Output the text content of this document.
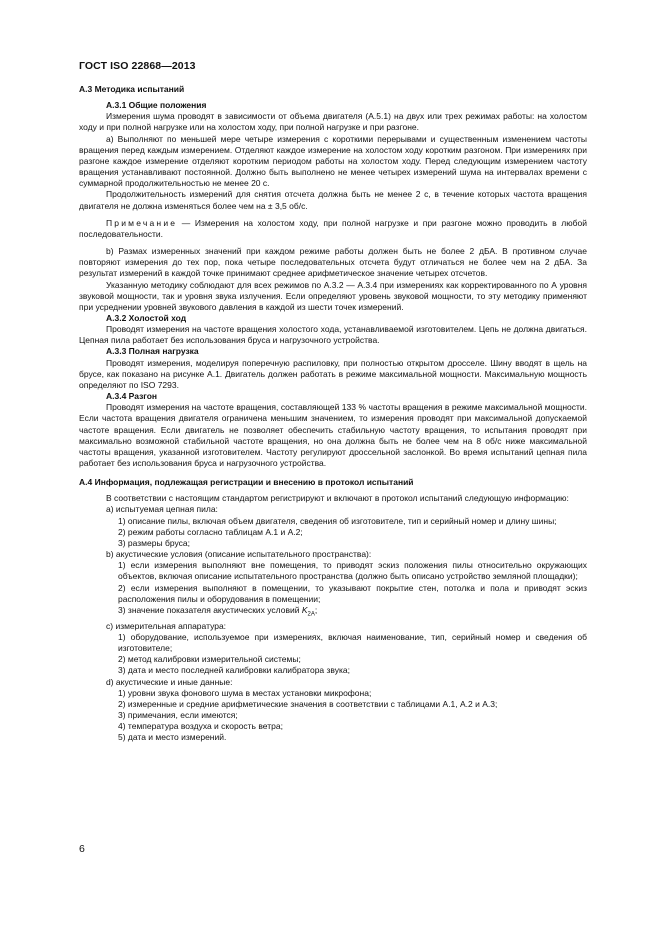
ГОСТ ISO 22868—2013
А.3 Методика испытаний
А.3.1 Общие положения

Измерения шума проводят в зависимости от объема двигателя (А.5.1) на двух или трех режимах работы: на холостом ходу и при полной нагрузке или на холостом ходу, при полной нагрузке и при разгоне.

а) Выполняют по меньшей мере четыре измерения с короткими перерывами и существенным изменением частоты вращения перед каждым измерением. Отделяют каждое измерение на холостом ходу коротким разгоном. При измерениях при разгоне каждое измерение отделяют коротким периодом работы на холостом ходу. Перед следующим измерением частоту вращения устанавливают постоянной. Должно быть выполнено не менее четырех измерений шума на интервалах времени с суммарной продолжительностью не менее 20 с.

Продолжительность измерений для снятия отсчета должна быть не менее 2 с, в течение которых частота вращения двигателя не должна изменяться более чем на ± 3,5 об/с.

Примечание — Измерения на холостом ходу, при полной нагрузке и при разгоне можно проводить в любой последовательности.

b) Размах измеренных значений при каждом режиме работы должен быть не более 2 дБА. В противном случае повторяют измерения до тех пор, пока четыре последовательных отсчета будут отличаться не более чем на 2 дБА. За результат измерений в каждой точке принимают среднее арифметическое значение четырех отсчетов.

Указанную методику соблюдают для всех режимов по А.3.2 — А.3.4 при измерениях как корректированного по А уровня звуковой мощности, так и уровня звука излучения. Если определяют уровень звуковой мощности, то эту методику применяют при усреднении уровней звукового давления в каждой из шести точек измерений.

А.3.2 Холостой ход

Проводят измерения на частоте вращения холостого хода, устанавливаемой изготовителем. Цепь не должна двигаться. Цепная пила работает без использования бруса и нагрузочного устройства.

А.3.3 Полная нагрузка

Проводят измерения, моделируя поперечную распиловку, при полностью открытом дросселе. Шину вводят в щель на брусе, как показано на рисунке А.1. Двигатель должен работать в режиме максимальной мощности. Максимальную мощность определяют по ISO 7293.

А.3.4 Разгон

Проводят измерения на частоте вращения, составляющей 133 % частоты вращения в режиме максимальной мощности. Если частота вращения двигателя ограничена меньшим значением, то измерения проводят при максимальной допускаемой частоте вращения. Если двигатель не позволяет обеспечить стабильную частоту вращения, то испытания проводят при максимально возможной стабильной частоте вращения, но она должна быть не более чем на 8 об/с ниже максимальной частоты вращения, указанной изготовителем. Частоту регулируют дроссельной заслонкой. Во время испытаний цепная пила работает без использования бруса и нагрузочного устройства.

А.4 Информация, подлежащая регистрации и внесению в протокол испытаний

В соответствии с настоящим стандартом регистрируют и включают в протокол испытаний следующую информацию:

а) испытуемая цепная пила:
1) описание пилы, включая объем двигателя, сведения об изготовителе, тип и серийный номер и длину шины;
2) режим работы согласно таблицам А.1 и А.2;
3) размеры бруса;
b) акустические условия (описание испытательного пространства):
1) если измерения выполняют вне помещения, то приводят эскиз положения пилы относительно окружающих объектов, включая описание испытательного пространства (должно быть описано устройство земляной площадки);
2) если измерения выполняют в помещении, то указывают покрытие стен, потолка и пола и приводят эскиз расположения пилы и оборудования в помещении;
3) значение показателя акустических условий $K_{2A}$;
с) измерительная аппаратура:
1) оборудование, используемое при измерениях, включая наименование, тип, серийный номер и сведения об изготовителе;
2) метод калибровки измерительной системы;
3) дата и место последней калибровки калибратора звука;
d) акустические и иные данные:
1) уровни звука фонового шума в местах установки микрофона;
2) измеренные и средние арифметические значения в соответствии с таблицами А.1, А.2 и А.3;
3) примечания, если имеются;
4) температура воздуха и скорость ветра;
5) дата и место измерений.
6
